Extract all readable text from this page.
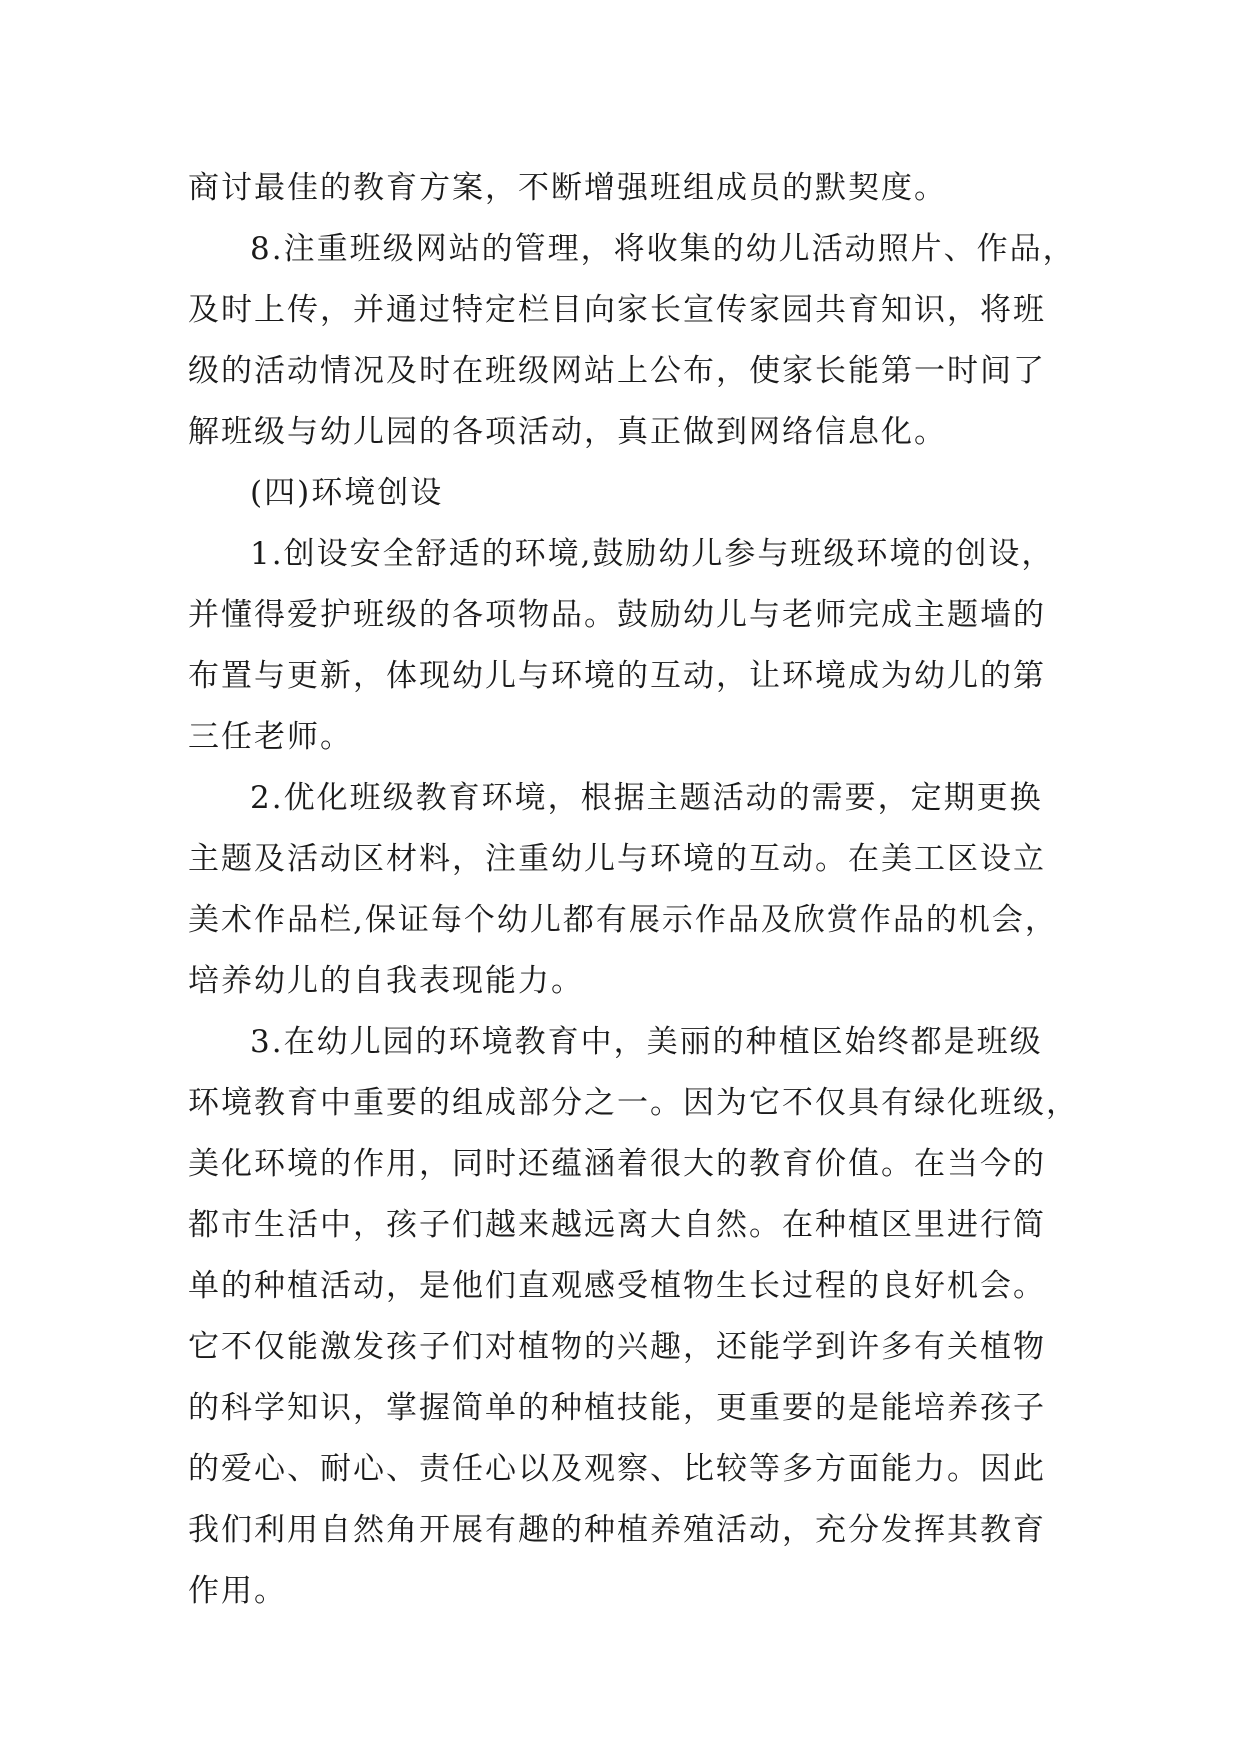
商讨最佳的教育方案，不断增强班组成员的默契度。
8.注重班级网站的管理，将收集的幼儿活动照片、作品，
及时上传，并通过特定栏目向家长宣传家园共育知识，将班
级的活动情况及时在班级网站上公布，使家长能第一时间了
解班级与幼儿园的各项活动，真正做到网络信息化。
(四)环境创设
1.创设安全舒适的环境,鼓励幼儿参与班级环境的创设，
并懂得爱护班级的各项物品。鼓励幼儿与老师完成主题墙的
布置与更新，体现幼儿与环境的互动，让环境成为幼儿的第
三任老师。
2.优化班级教育环境，根据主题活动的需要，定期更换
主题及活动区材料，注重幼儿与环境的互动。在美工区设立
美术作品栏,保证每个幼儿都有展示作品及欣赏作品的机会，
培养幼儿的自我表现能力。
3.在幼儿园的环境教育中，美丽的种植区始终都是班级
环境教育中重要的组成部分之一。因为它不仅具有绿化班级，
美化环境的作用，同时还蕴涵着很大的教育价值。在当今的
都市生活中，孩子们越来越远离大自然。在种植区里进行简
单的种植活动，是他们直观感受植物生长过程的良好机会。
它不仅能激发孩子们对植物的兴趣，还能学到许多有关植物
的科学知识，掌握简单的种植技能，更重要的是能培养孩子
的爱心、耐心、责任心以及观察、比较等多方面能力。因此
我们利用自然角开展有趣的种植养殖活动，充分发挥其教育
作用。
